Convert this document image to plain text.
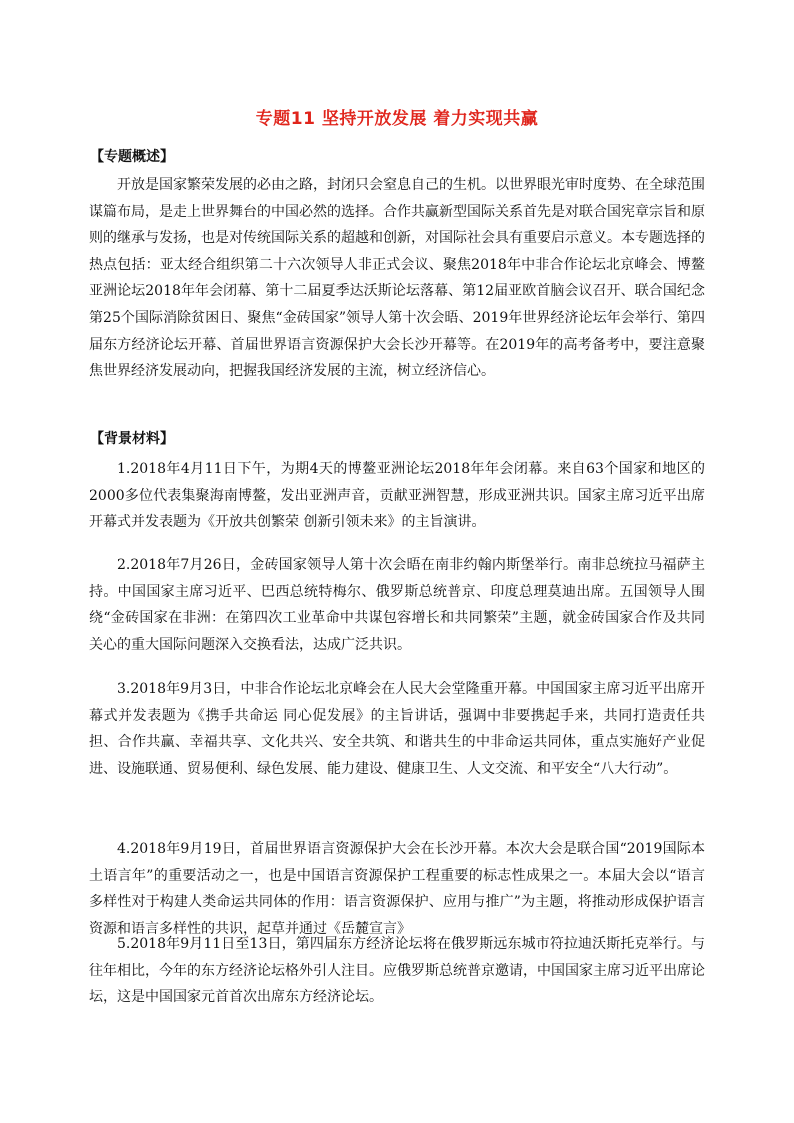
专题11 坚持开放发展 着力实现共赢
【专题概述】
开放是国家繁荣发展的必由之路，封闭只会窒息自己的生机。以世界眼光审时度势、在全球范围谋篇布局，是走上世界舞台的中国必然的选择。合作共赢新型国际关系首先是对联合国宪章宗旨和原则的继承与发扬，也是对传统国际关系的超越和创新，对国际社会具有重要启示意义。本专题选择的热点包括：亚太经合组织第二十六次领导人非正式会议、聚焦2018年中非合作论坛北京峰会、博鳌亚洲论坛2018年年会闭幕、第十二届夏季达沃斯论坛落幕、第12届亚欧首脑会议召开、联合国纪念第25个国际消除贫困日、聚焦“金砖国家”领导人第十次会晤、2019年世界经济论坛年会举行、第四届东方经济论坛开幕、首届世界语言资源保护大会长沙开幕等。在2019年的高考备考中，要注意聚焦世界经济发展动向，把握我国经济发展的主流，树立经济信心。
【背景材料】
1.2018年4月11日下午，为期4天的博鳌亚洲论坛2018年年会闭幕。来自63个国家和地区的2000多位代表集聚海南博鳌，发出亚洲声音，贡献亚洲智慧，形成亚洲共识。国家主席习近平出席开幕式并发表题为《开放共创繁荣 创新引领未来》的主旨演讲。
2.2018年7月26日，金砖国家领导人第十次会晤在南非约翰内斯堡举行。南非总统拉马福萨主持。中国国家主席习近平、巴西总统特梅尔、俄罗斯总统普京、印度总理莫迪出席。五国领导人围绕“金砖国家在非洲：在第四次工业革命中共谋包容增长和共同繁荣”主题，就金砖国家合作及共同关心的重大国际问题深入交换看法，达成广泛共识。
3.2018年9月3日，中非合作论坛北京峰会在人民大会堂隆重开幕。中国国家主席习近平出席开幕式并发表题为《携手共命运 同心促发展》的主旨讲话，强调中非要携起手来，共同打造责任共担、合作共赢、幸福共享、文化共兴、安全共筑、和谐共生的中非命运共同体，重点实施好产业促进、设施联通、贸易便利、绿色发展、能力建设、健康卫生、人文交流、和平安全“八大行动”。
4.2018年9月19日，首届世界语言资源保护大会在长沙开幕。本次大会是联合国“2019国际本土语言年”的重要活动之一，也是中国语言资源保护工程重要的标志性成果之一。本届大会以“语言多样性对于构建人类命运共同体的作用：语言资源保护、应用与推广”为主题，将推动形成保护语言资源和语言多样性的共识，起草并通过《岳麓宣言》
5.2018年9月11日至13日，第四届东方经济论坛将在俄罗斯远东城市符拉迪沃斯托克举行。与往年相比，今年的东方经济论坛格外引人注目。应俄罗斯总统普京邀请，中国国家主席习近平出席论坛，这是中国国家元首首次出席东方经济论坛。
